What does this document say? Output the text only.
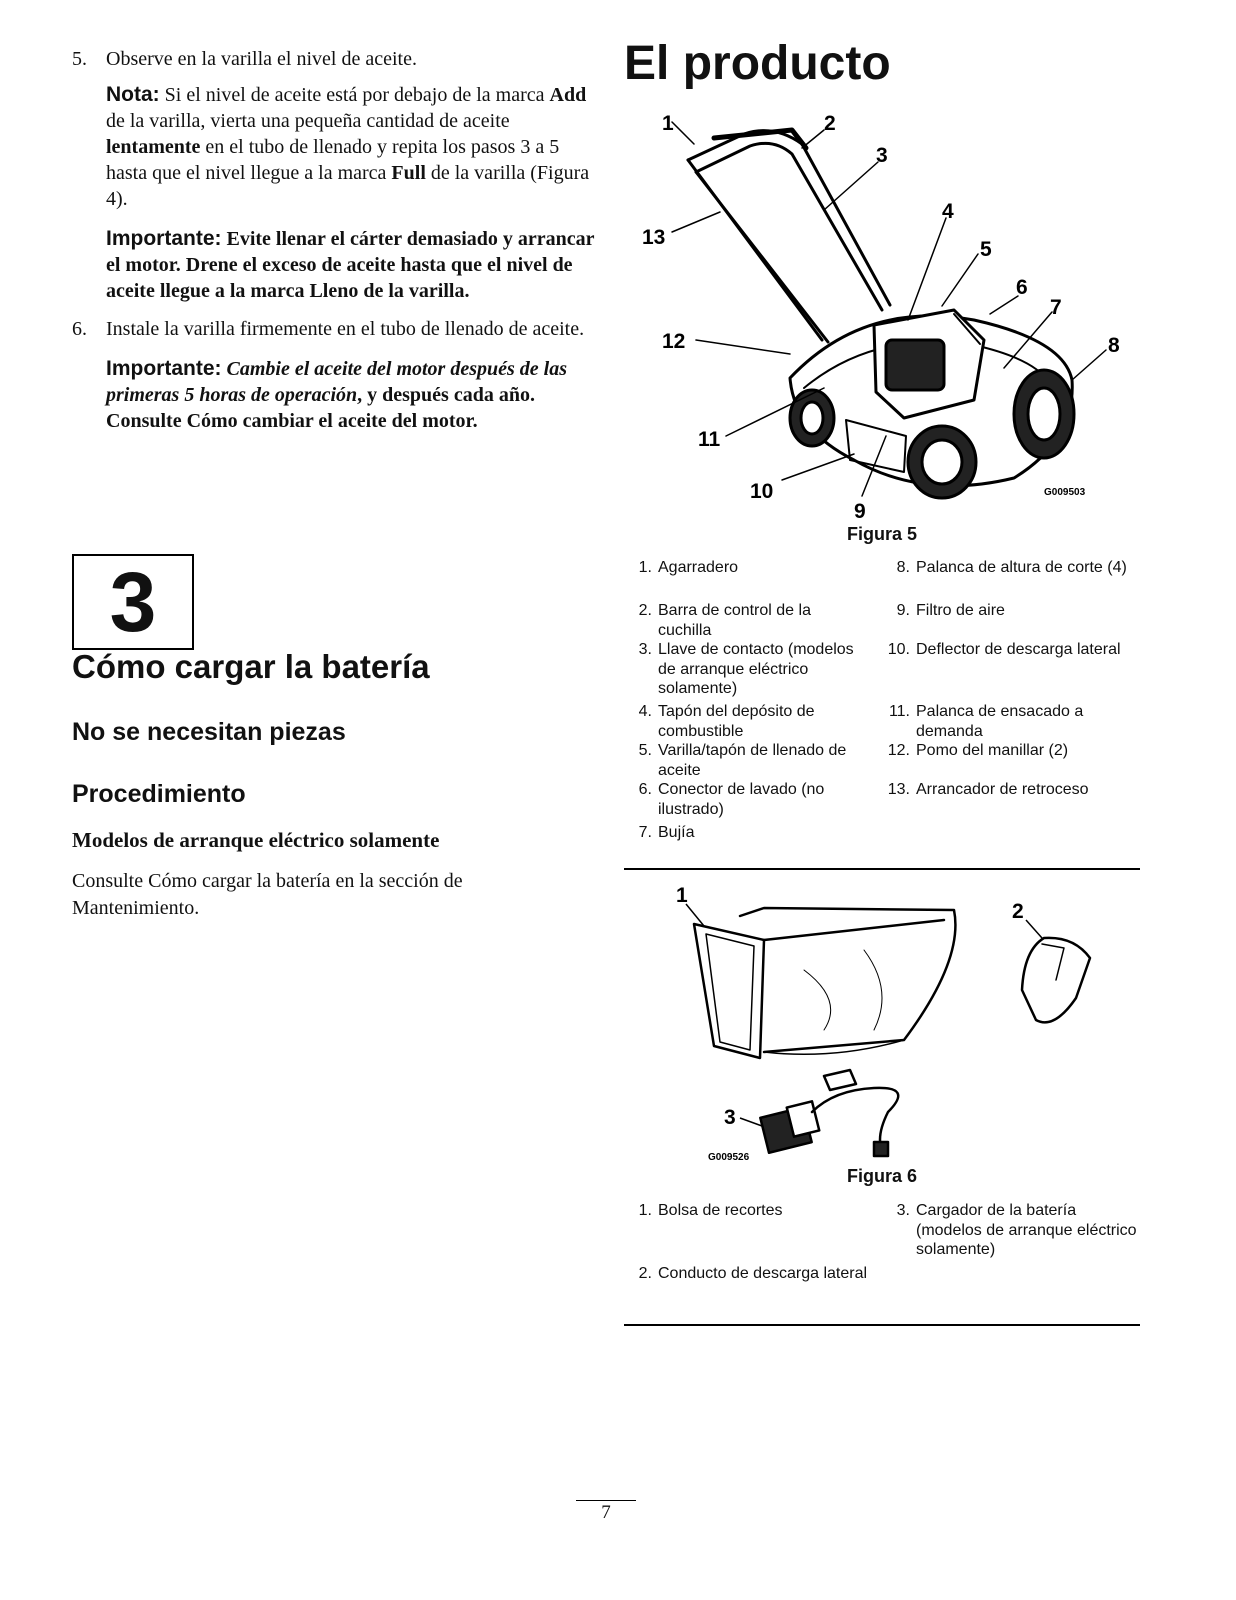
5. Observe en la varilla el nivel de aceite.
Nota: Si el nivel de aceite está por debajo de la marca Add de la varilla, vierta una pequeña cantidad de aceite lentamente en el tubo de llenado y repita los pasos 3 a 5 hasta que el nivel llegue a la marca Full de la varilla (Figura 4).
Importante: Evite llenar el cárter demasiado y arrancar el motor. Drene el exceso de aceite hasta que el nivel de aceite llegue a la marca Lleno de la varilla.
6. Instale la varilla firmemente en el tubo de llenado de aceite.
Importante: Cambie el aceite del motor después de las primeras 5 horas de operación, y después cada año. Consulte Cómo cambiar el aceite del motor.
3
Cómo cargar la batería
No se necesitan piezas
Procedimiento
Modelos de arranque eléctrico solamente
Consulte Cómo cargar la batería en la sección de Mantenimiento.
El producto
1	2
3
4
5
6
7
8
9
10
11
12
13
G009503
Figura 5
1. Agarradero
2. Barra de control de la cuchilla
3. Llave de contacto (modelos de arranque eléctrico solamente)
4. Tapón del depósito de combustible
5. Varilla/tapón de llenado de aceite
6. Conector de lavado (no ilustrado)
7. Bujía
8. Palanca de altura de corte (4)
9. Filtro de aire
10. Deflector de descarga lateral
11. Palanca de ensacado a demanda
12. Pomo del manillar (2)
13. Arrancador de retroceso
1
2
3
G009526
Figura 6
1. Bolsa de recortes
2. Conducto de descarga lateral
3. Cargador de la batería (modelos de arranque eléctrico solamente)
7
